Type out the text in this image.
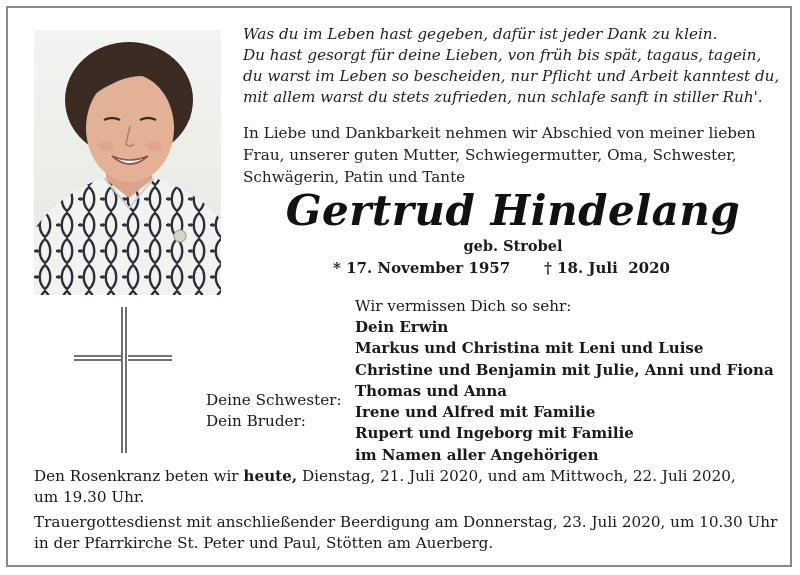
Was du im Leben hast gegeben, dafür ist jeder Dank zu klein.
Du hast gesorgt für deine Lieben, von früh bis spät, tagaus, tagein,
du warst im Leben so bescheiden, nur Pflicht und Arbeit kanntest du,
mit allem warst du stets zufrieden, nun schlafe sanft in stiller Ruh'.
In Liebe und Dankbarkeit nehmen wir Abschied von meiner lieben
Frau, unserer guten Mutter, Schwiegermutter, Oma, Schwester,
Schwägerin, Patin und Tante
Gertrud Hindelang
geb. Strobel
* 17. November 1957 † 18. Juli  2020
Wir vermissen Dich so sehr:
Dein Erwin
Markus und Christina mit Leni und Luise
Christine und Benjamin mit Julie, Anni und Fiona
Thomas und Anna
Irene und Alfred mit Familie
Rupert und Ingeborg mit Familie
im Namen aller Angehörigen
Deine Schwester:
Dein Bruder:
Den Rosenkranz beten wir heute, Dienstag, 21. Juli 2020, und am Mittwoch, 22. Juli 2020,
um 19.30 Uhr.
Trauergottesdienst mit anschließender Beerdigung am Donnerstag, 23. Juli 2020, um 10.30 Uhr
in der Pfarrkirche St. Peter und Paul, Stötten am Auerberg.
